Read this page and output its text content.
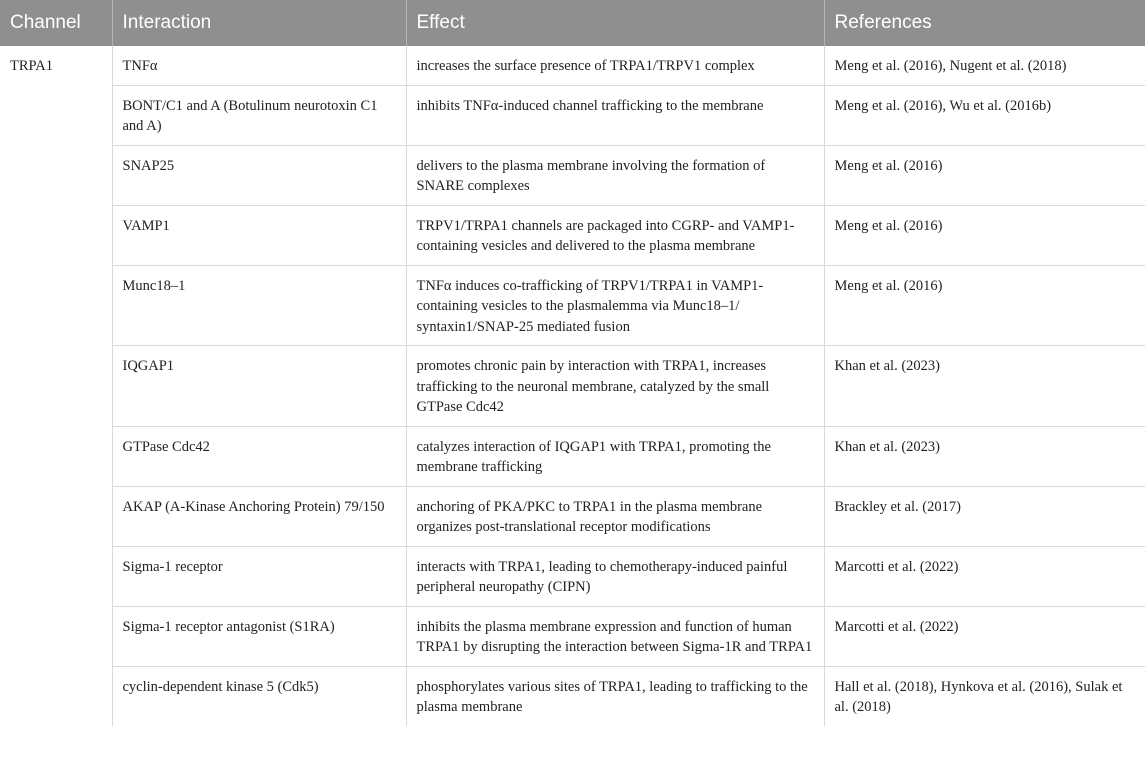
Channel	Interaction	Effect	References
TRPA1	TNFα	increases the surface presence of TRPA1/TRPV1 complex	Meng et al. (2016), Nugent et al. (2018)
	BONT/C1 and A (Botulinum neurotoxin C1 and A)	inhibits TNFα-induced channel trafficking to the membrane	Meng et al. (2016), Wu et al. (2016b)
	SNAP25	delivers to the plasma membrane involving the formation of SNARE complexes	Meng et al. (2016)
	VAMP1	TRPV1/TRPA1 channels are packaged into CGRP- and VAMP1-containing vesicles and delivered to the plasma membrane	Meng et al. (2016)
	Munc18–1	TNFα induces co-trafficking of TRPV1/TRPA1 in VAMP1-containing vesicles to the plasmalemma via Munc18–1/ syntaxin1/SNAP-25 mediated fusion	Meng et al. (2016)
	IQGAP1	promotes chronic pain by interaction with TRPA1, increases trafficking to the neuronal membrane, catalyzed by the small GTPase Cdc42	Khan et al. (2023)
	GTPase Cdc42	catalyzes interaction of IQGAP1 with TRPA1, promoting the membrane trafficking	Khan et al. (2023)
	AKAP (A-Kinase Anchoring Protein) 79/150	anchoring of PKA/PKC to TRPA1 in the plasma membrane organizes post-translational receptor modifications	Brackley et al. (2017)
	Sigma-1 receptor	interacts with TRPA1, leading to chemotherapy-induced painful peripheral neuropathy (CIPN)	Marcotti et al. (2022)
	Sigma-1 receptor antagonist (S1RA)	inhibits the plasma membrane expression and function of human TRPA1 by disrupting the interaction between Sigma-1R and TRPA1	Marcotti et al. (2022)
	cyclin-dependent kinase 5 (Cdk5)	phosphorylates various sites of TRPA1, leading to trafficking to the plasma membrane	Hall et al. (2018), Hynkova et al. (2016), Sulak et al. (2018)
